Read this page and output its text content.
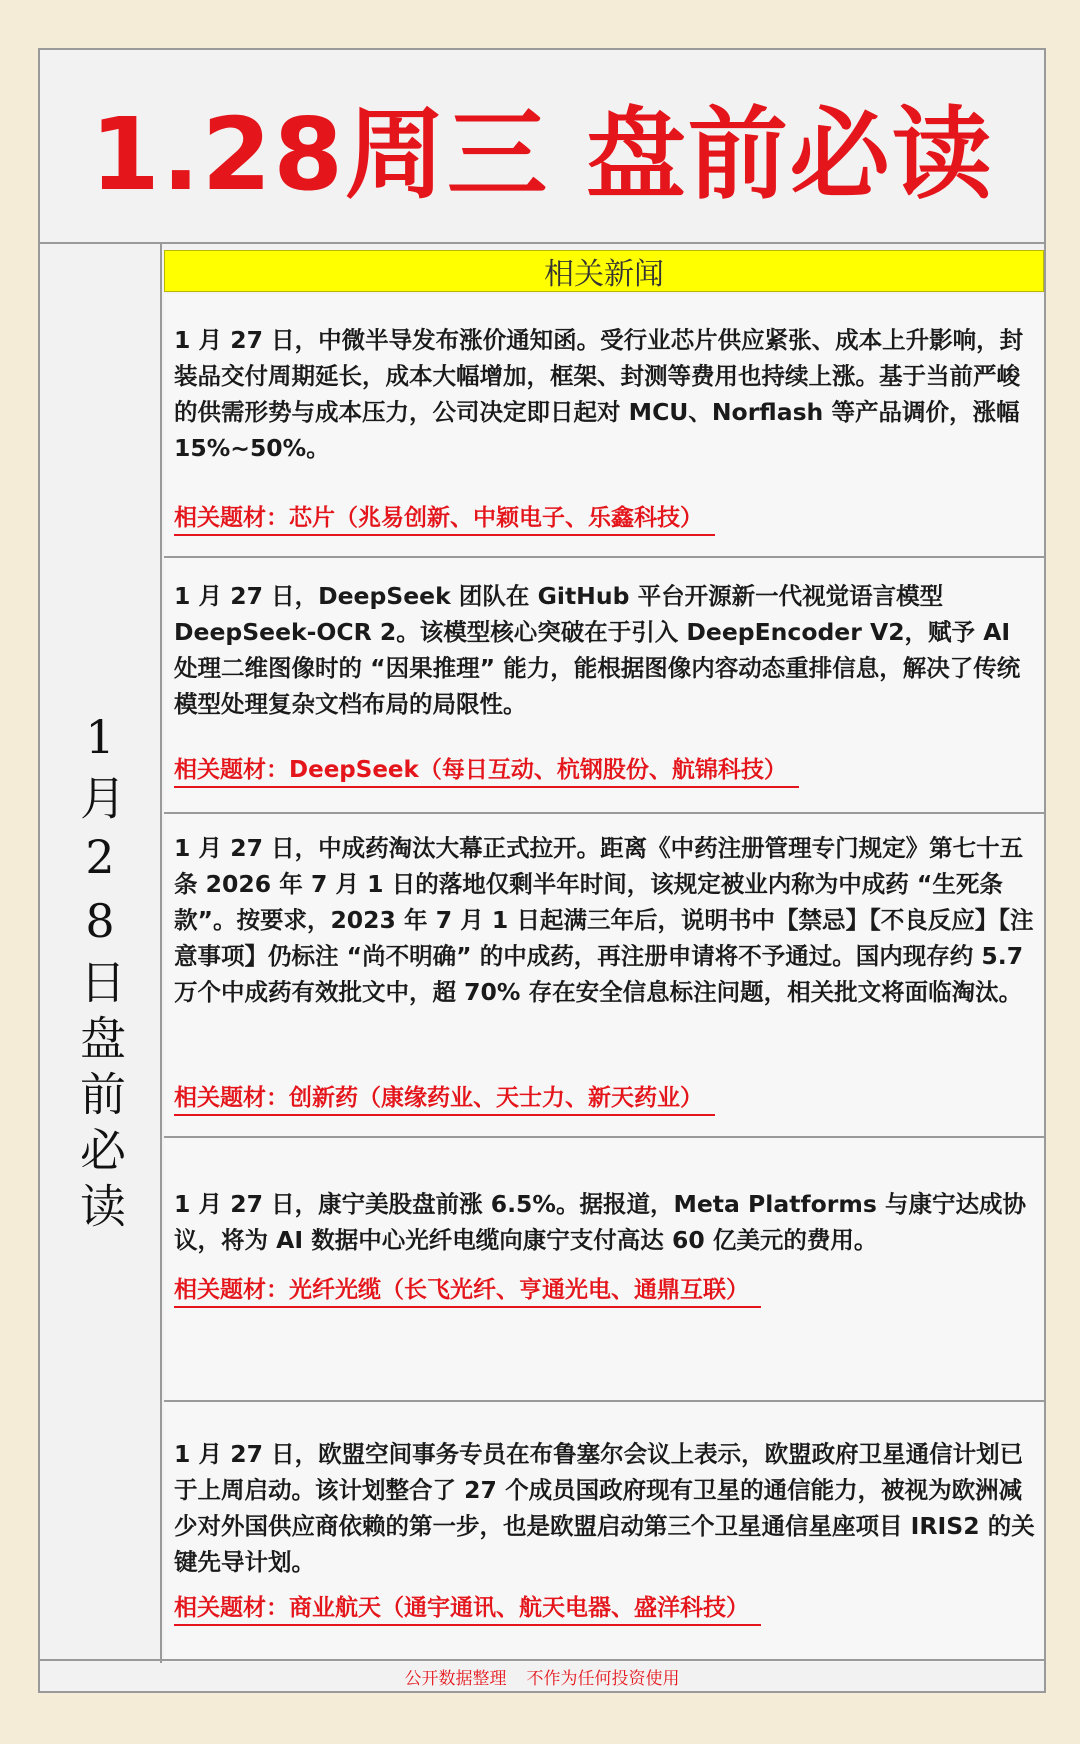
1.28周三 盘前必读
1月28日盘前必读
相关新闻
1 月 27 日，中微半导发布涨价通知函。受行业芯片供应紧张、成本上升影响，封装品交付周期延长，成本大幅增加，框架、封测等费用也持续上涨。基于当前严峻的供需形势与成本压力，公司决定即日起对 MCU、Norflash 等产品调价，涨幅 15%~50%。
相关题材：芯片（兆易创新、中颖电子、乐鑫科技）
1 月 27 日，DeepSeek 团队在 GitHub 平台开源新一代视觉语言模型 DeepSeek-OCR 2。该模型核心突破在于引入 DeepEncoder V2，赋予 AI 处理二维图像时的 “因果推理” 能力，能根据图像内容动态重排信息，解决了传统模型处理复杂文档布局的局限性。
相关题材：DeepSeek（每日互动、杭钢股份、航锦科技）
1 月 27 日，中成药淘汰大幕正式拉开。距离《中药注册管理专门规定》第七十五条 2026 年 7 月 1 日的落地仅剩半年时间，该规定被业内称为中成药 “生死条款”。按要求，2023 年 7 月 1 日起满三年后，说明书中【禁忌】【不良反应】【注意事项】仍标注 “尚不明确” 的中成药，再注册申请将不予通过。国内现存约 5.7 万个中成药有效批文中，超 70% 存在安全信息标注问题，相关批文将面临淘汰。
相关题材：创新药（康缘药业、天士力、新天药业）
1 月 27 日，康宁美股盘前涨 6.5%。据报道，Meta Platforms 与康宁达成协议，将为 AI 数据中心光纤电缆向康宁支付高达 60 亿美元的费用。
相关题材：光纤光缆（长飞光纤、亨通光电、通鼎互联）
1 月 27 日，欧盟空间事务专员在布鲁塞尔会议上表示，欧盟政府卫星通信计划已于上周启动。该计划整合了 27 个成员国政府现有卫星的通信能力，被视为欧洲减少对外国供应商依赖的第一步，也是欧盟启动第三个卫星通信星座项目 IRIS2 的关键先导计划。
相关题材：商业航天（通宇通讯、航天电器、盛洋科技）
公开数据整理 不作为任何投资使用
